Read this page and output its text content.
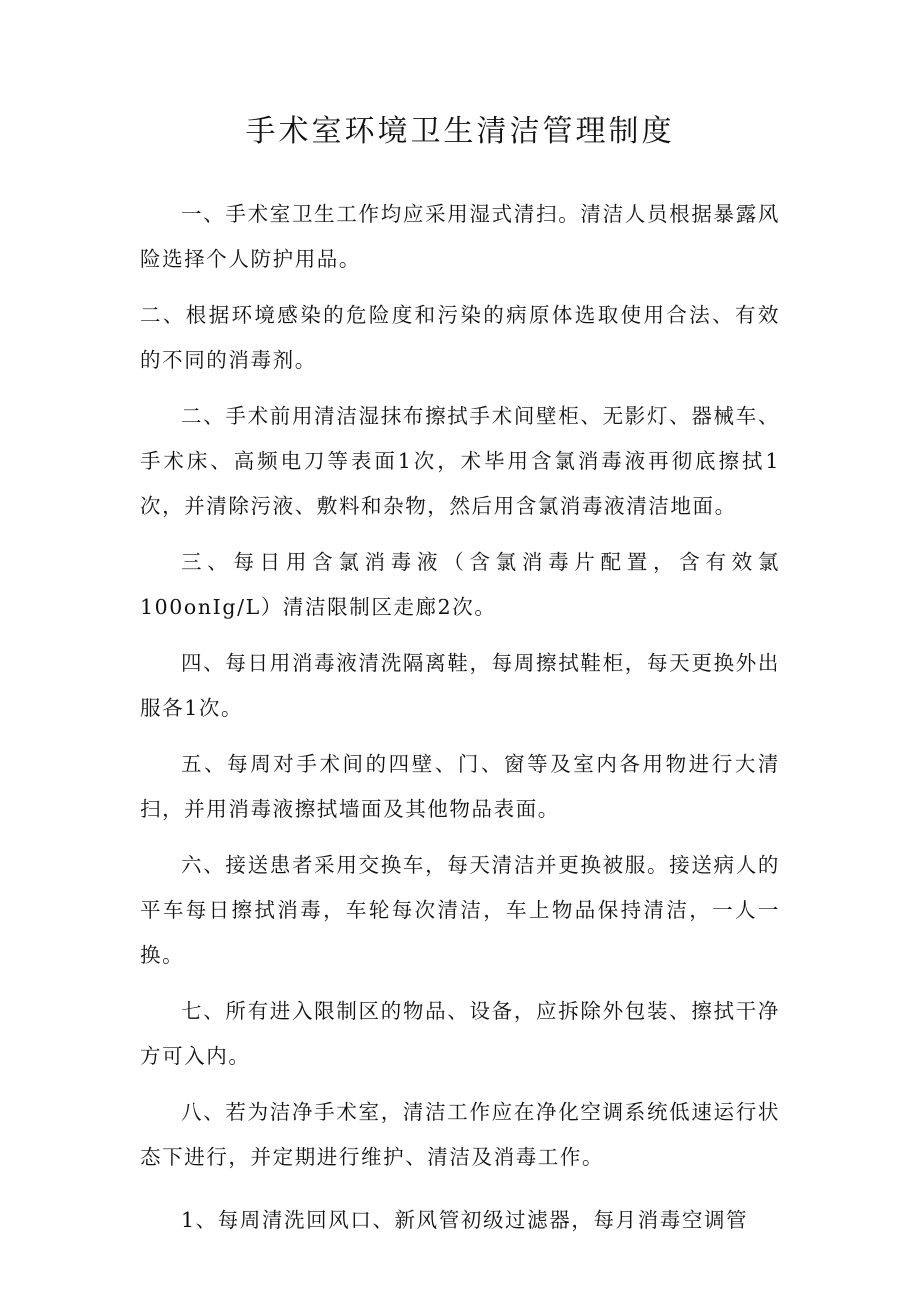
手术室环境卫生清洁管理制度

一、手术室卫生工作均应采用湿式清扫。清洁人员根据暴露风险选择个人防护用品。

二、根据环境感染的危险度和污染的病原体选取使用合法、有效的不同的消毒剂。

二、手术前用清洁湿抹布擦拭手术间壁柜、无影灯、器械车、手术床、高频电刀等表面1次，术毕用含氯消毒液再彻底擦拭1次，并清除污液、敷料和杂物，然后用含氯消毒液清洁地面。

三、每日用含氯消毒液（含氯消毒片配置，含有效氯100onIg/L）清洁限制区走廊2次。

四、每日用消毒液清洗隔离鞋，每周擦拭鞋柜，每天更换外出服各1次。

五、每周对手术间的四壁、门、窗等及室内各用物进行大清扫，并用消毒液擦拭墙面及其他物品表面。

六、接送患者采用交换车，每天清洁并更换被服。接送病人的平车每日擦拭消毒，车轮每次清洁，车上物品保持清洁，一人一换。

七、所有进入限制区的物品、设备，应拆除外包装、擦拭干净方可入内。

八、若为洁净手术室，清洁工作应在净化空调系统低速运行状态下进行，并定期进行维护、清洁及消毒工作。

1、每周清洗回风口、新风管初级过滤器，每月消毒空调管
